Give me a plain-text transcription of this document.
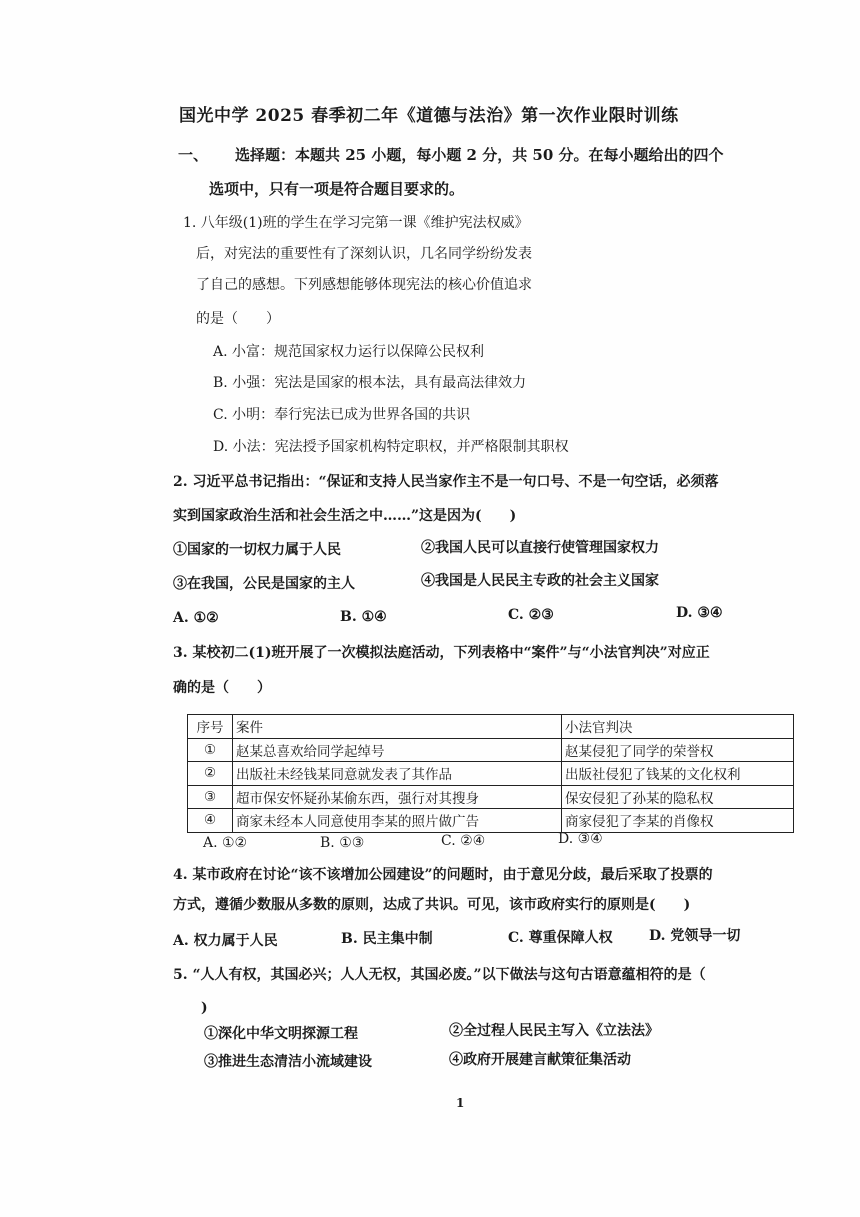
国光中学 2025 春季初二年《道德与法治》第一次作业限时训练
一、 选择题：本题共 25 小题，每小题 2 分，共 50 分。在每小题给出的四个
选项中，只有一项是符合题目要求的。
1. 八年级(1)班的学生在学习完第一课《维护宪法权威》
后，对宪法的重要性有了深刻认识，几名同学纷纷发表
了自己的感想。下列感想能够体现宪法的核心价值追求
的是（　　）
A. 小富：规范国家权力运行以保障公民权利
B. 小强：宪法是国家的根本法，具有最高法律效力
C. 小明：奉行宪法已成为世界各国的共识
D. 小法：宪法授予国家机构特定职权，并严格限制其职权
2. 习近平总书记指出：“保证和支持人民当家作主不是一句口号、不是一句空话，必须落
实到国家政治生活和社会生活之中……”这是因为(　　)
①国家的一切权力属于人民	②我国人民可以直接行使管理国家权力
③在我国，公民是国家的主人	④我国是人民民主专政的社会主义国家
A. ①②	B. ①④	C. ②③	D. ③④
3. 某校初二(1)班开展了一次模拟法庭活动，下列表格中“案件”与“小法官判决”对应正
确的是（　　）
序号	案件	小法官判决
①	赵某总喜欢给同学起绰号	赵某侵犯了同学的荣誉权
②	出版社未经钱某同意就发表了其作品	出版社侵犯了钱某的文化权利
③	超市保安怀疑孙某偷东西，强行对其搜身	保安侵犯了孙某的隐私权
④	商家未经本人同意使用李某的照片做广告	商家侵犯了李某的肖像权
A. ①②	B. ①③	C. ②④	D. ③④
4. 某市政府在讨论“该不该增加公园建设”的问题时，由于意见分歧，最后采取了投票的
方式，遵循少数服从多数的原则，达成了共识。可见，该市政府实行的原则是(　　)
A. 权力属于人民	B. 民主集中制	C. 尊重保障人权	D. 党领导一切
5. “人人有权，其国必兴；人人无权，其国必废。”以下做法与这句古语意蕴相符的是（
)
①深化中华文明探源工程	②全过程人民民主写入《立法法》
③推进生态清洁小流域建设	④政府开展建言献策征集活动
1
